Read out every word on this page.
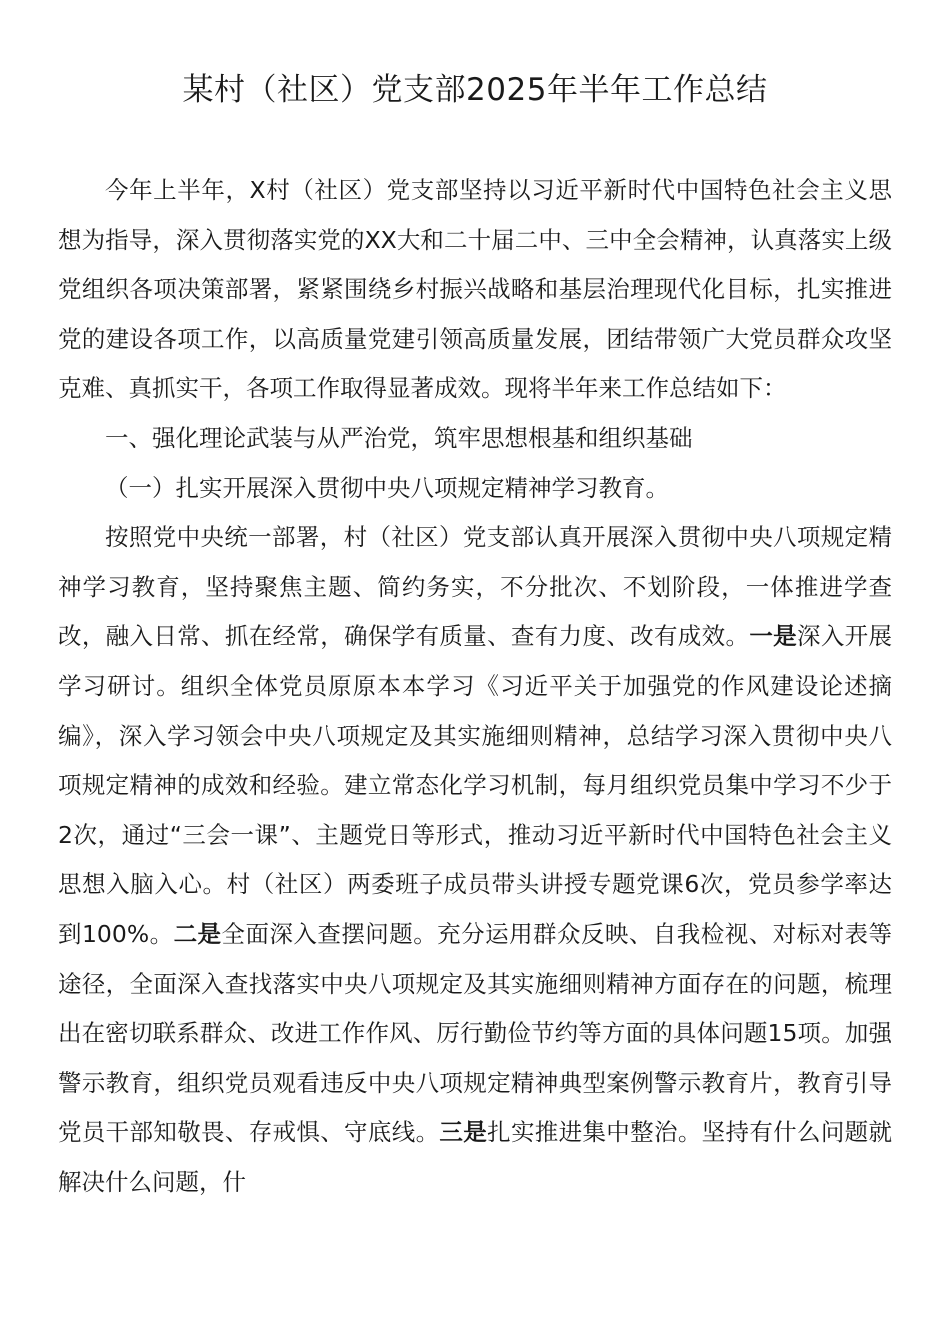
某村（社区）党支部2025年半年工作总结

今年上半年，X村（社区）党支部坚持以习近平新时代中国特色社会主义思想为指导，深入贯彻落实党的XX大和二十届二中、三中全会精神，认真落实上级党组织各项决策部署，紧紧围绕乡村振兴战略和基层治理现代化目标，扎实推进党的建设各项工作，以高质量党建引领高质量发展，团结带领广大党员群众攻坚克难、真抓实干，各项工作取得显著成效。现将半年来工作总结如下：

一、强化理论武装与从严治党，筑牢思想根基和组织基础

（一）扎实开展深入贯彻中央八项规定精神学习教育。

按照党中央统一部署，村（社区）党支部认真开展深入贯彻中央八项规定精神学习教育，坚持聚焦主题、简约务实，不分批次、不划阶段，一体推进学查改，融入日常、抓在经常，确保学有质量、查有力度、改有成效。一是深入开展学习研讨。组织全体党员原原本本学习《习近平关于加强党的作风建设论述摘编》，深入学习领会中央八项规定及其实施细则精神，总结学习深入贯彻中央八项规定精神的成效和经验。建立常态化学习机制，每月组织党员集中学习不少于2次，通过“三会一课”、主题党日等形式，推动习近平新时代中国特色社会主义思想入脑入心。村（社区）两委班子成员带头讲授专题党课6次，党员参学率达到100%。二是全面深入查摆问题。充分运用群众反映、自我检视、对标对表等途径，全面深入查找落实中央八项规定及其实施细则精神方面存在的问题，梳理出在密切联系群众、改进工作作风、厉行勤俭节约等方面的具体问题15项。加强警示教育，组织党员观看违反中央八项规定精神典型案例警示教育片，教育引导党员干部知敬畏、存戒惧、守底线。三是扎实推进集中整治。坚持有什么问题就解决什么问题，什
